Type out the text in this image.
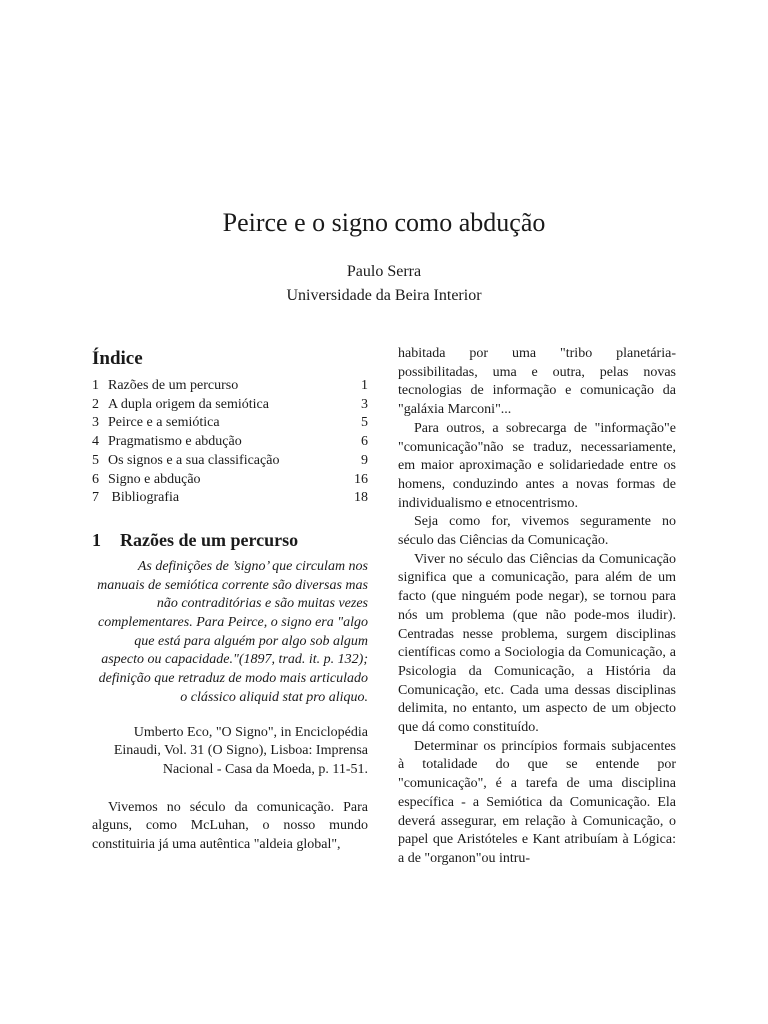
Peirce e o signo como abdução
Paulo Serra
Universidade da Beira Interior
Índice
1 Razões de um percurso	1
2 A dupla origem da semiótica	3
3 Peirce e a semiótica	5
4 Pragmatismo e abdução	6
5 Os signos e a sua classificação	9
6 Signo e abdução	16
7 Bibliografia	18
1 Razões de um percurso

As definições de ’signo’ que circulam nos manuais de semiótica corrente são diversas mas não contraditórias e são muitas vezes complementares. Para Peirce, o signo era "algo que está para alguém por algo sob algum aspecto ou capacidade."(1897, trad. it. p. 132); definição que retraduz de modo mais articulado o clássico aliquid stat pro aliquo.

Umberto Eco, "O Signo", in Enciclopédia Einaudi, Vol. 31 (O Signo), Lisboa: Imprensa Nacional - Casa da Moeda, p. 11-51.

Vivemos no século da comunicação. Para alguns, como McLuhan, o nosso mundo constituiria já uma autêntica "aldeia global",

habitada por uma "tribo planetária- possibilitadas, uma e outra, pelas novas tecnologias de informação e comunicação da "galáxia Marconi"...

Para outros, a sobrecarga de "informação"e "comunicação"não se traduz, necessariamente, em maior aproximação e solidariedade entre os homens, conduzindo antes a novas formas de individualismo e etnocentrismo.

Seja como for, vivemos seguramente no século das Ciências da Comunicação.

Viver no século das Ciências da Comunicação significa que a comunicação, para além de um facto (que ninguém pode negar), se tornou para nós um problema (que não pode-mos iludir). Centradas nesse problema, surgem disciplinas científicas como a Sociologia da Comunicação, a Psicologia da Comunicação, a História da Comunicação, etc. Cada uma dessas disciplinas delimita, no entanto, um aspecto de um objecto que dá como constituído.

Determinar os princípios formais subjacentes à totalidade do que se entende por "comunicação", é a tarefa de uma disciplina específica - a Semiótica da Comunicação. Ela deverá assegurar, em relação à Comunicação, o papel que Aristóteles e Kant atribuíam à Lógica: a de "organon"ou intru-
